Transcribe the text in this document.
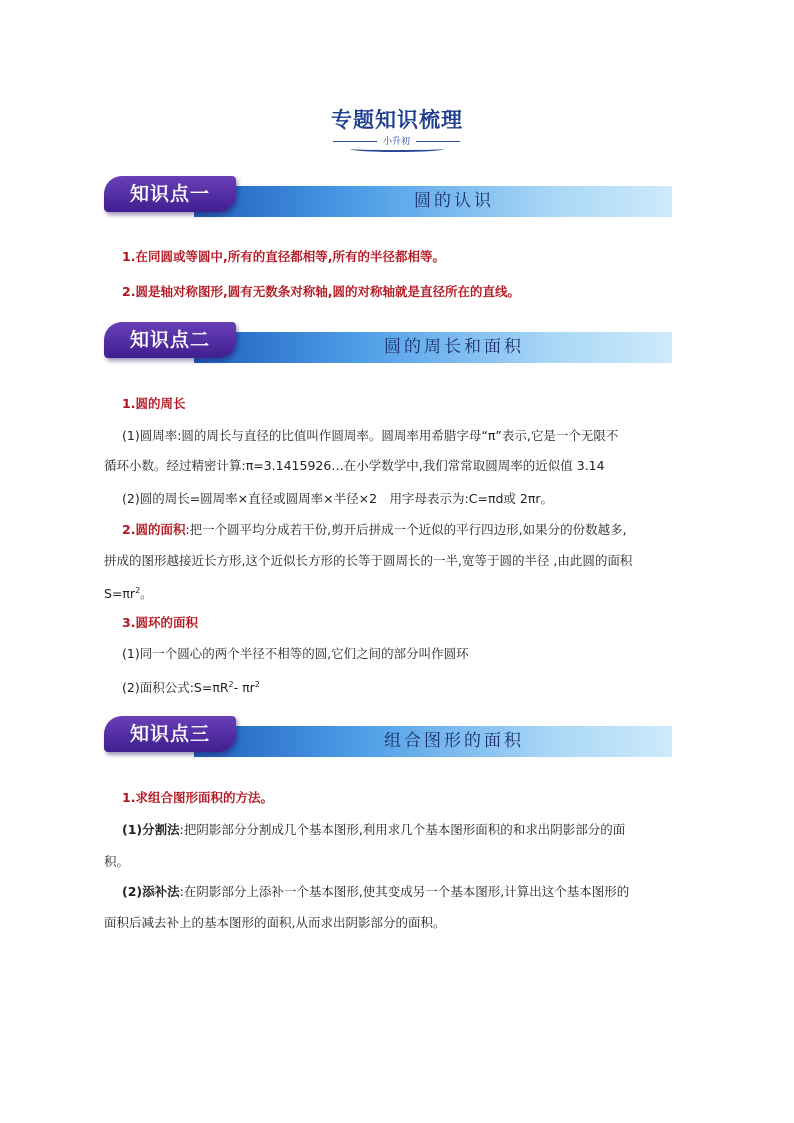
专题知识梳理
小升初
知识点一	圆的认识
1.在同圆或等圆中,所有的直径都相等,所有的半径都相等。
2.圆是轴对称图形,圆有无数条对称轴,圆的对称轴就是直径所在的直线。
知识点二	圆的周长和面积
1.圆的周长
(1)圆周率:圆的周长与直径的比值叫作圆周率。圆周率用希腊字母“π”表示,它是一个无限不
循环小数。经过精密计算:π=3.1415926…在小学数学中,我们常常取圆周率的近似值 3.14
(2)圆的周长=圆周率×直径或圆周率×半径×2　用字母表示为:C=πd或 2πr。
2.圆的面积:把一个圆平均分成若干份,剪开后拼成一个近似的平行四边形,如果分的份数越多,
拼成的图形越接近长方形,这个近似长方形的长等于圆周长的一半,宽等于圆的半径 ,由此圆的面积
$S=\pi r^2$。
3.圆环的面积
(1)同一个圆心的两个半径不相等的圆,它们之间的部分叫作圆环
(2)面积公式$:S=\pi R^2-$ $\pi r^2$
知识点三	组合图形的面积
1.求组合图形面积的方法。
(1)分割法:把阴影部分分割成几个基本图形,利用求几个基本图形面积的和求出阴影部分的面
积。
(2)添补法:在阴影部分上添补一个基本图形,使其变成另一个基本图形,计算出这个基本图形的
面积后减去补上的基本图形的面积,从而求出阴影部分的面积。
